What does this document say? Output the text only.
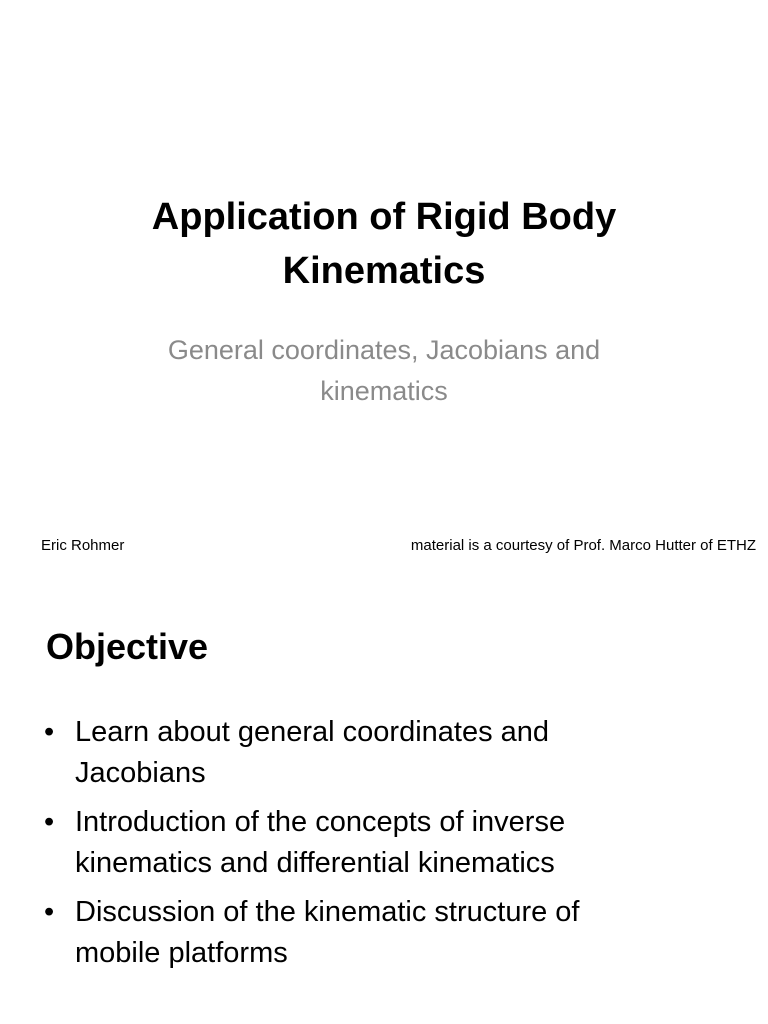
Application of Rigid Body
Kinematics

General coordinates, Jacobians and
kinematics

Eric Rohmer	material is a courtesy of Prof. Marco Hutter of ETHZ
Objective
• Learn about general coordinates and
Jacobians
• Introduction of the concepts of inverse
kinematics and differential kinematics
• Discussion of the kinematic structure of
mobile platforms
